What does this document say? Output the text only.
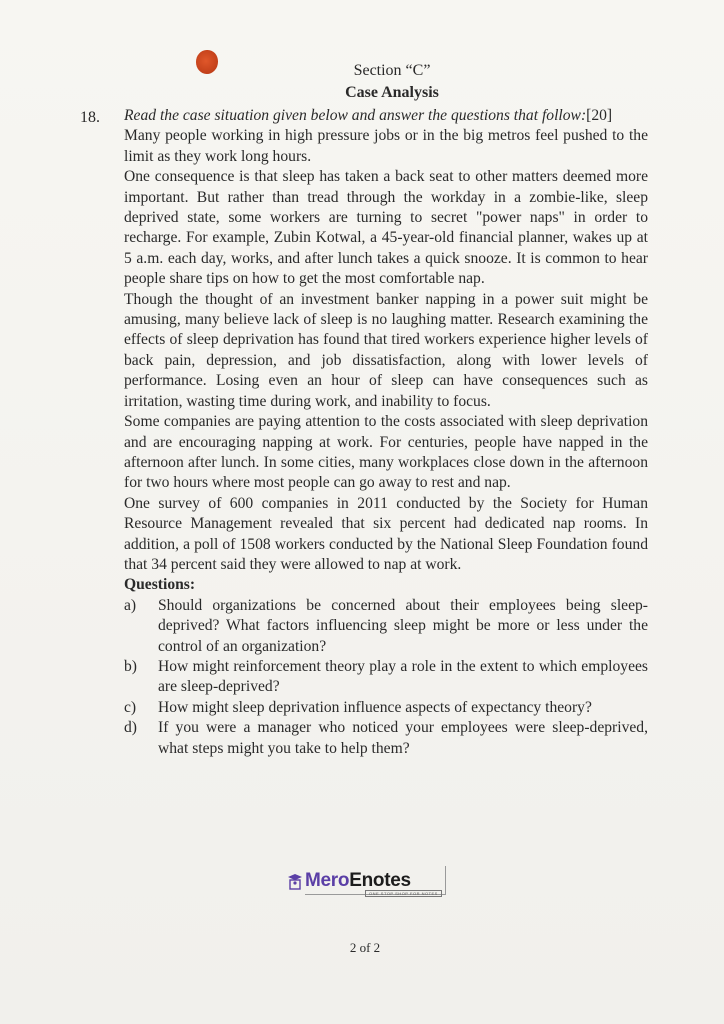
Section “C”
Case Analysis
18. Read the case situation given below and answer the questions that follow:[20]

Many people working in high pressure jobs or in the big metros feel pushed to the limit as they work long hours.

One consequence is that sleep has taken a back seat to other matters deemed more important. But rather than tread through the workday in a zombie-like, sleep deprived state, some workers are turning to secret "power naps" in order to recharge. For example, Zubin Kotwal, a 45-year-old financial planner, wakes up at 5 a.m. each day, works, and after lunch takes a quick snooze. It is common to hear people share tips on how to get the most comfortable nap.

Though the thought of an investment banker napping in a power suit might be amusing, many believe lack of sleep is no laughing matter. Research examining the effects of sleep deprivation has found that tired workers experience higher levels of back pain, depression, and job dissatisfaction, along with lower levels of performance. Losing even an hour of sleep can have consequences such as irritation, wasting time during work, and inability to focus.

Some companies are paying attention to the costs associated with sleep deprivation and are encouraging napping at work. For centuries, people have napped in the afternoon after lunch. In some cities, many workplaces close down in the afternoon for two hours where most people can go away to rest and nap.

One survey of 600 companies in 2011 conducted by the Society for Human Resource Management revealed that six percent had dedicated nap rooms. In addition, a poll of 1508 workers conducted by the National Sleep Foundation found that 34 percent said they were allowed to nap at work.

Questions:

a)	Should organizations be concerned about their employees being sleep-deprived? What factors influencing sleep might be more or less under the control of an organization?
b)	How might reinforcement theory play a role in the extent to which employees are sleep-deprived?
c)	How might sleep deprivation influence aspects of expectancy theory?
d)	If you were a manager who noticed your employees were sleep-deprived, what steps might you take to help them?
Mero Enotes
ONE STOP SHOP FOR NOTES
2 of 2
